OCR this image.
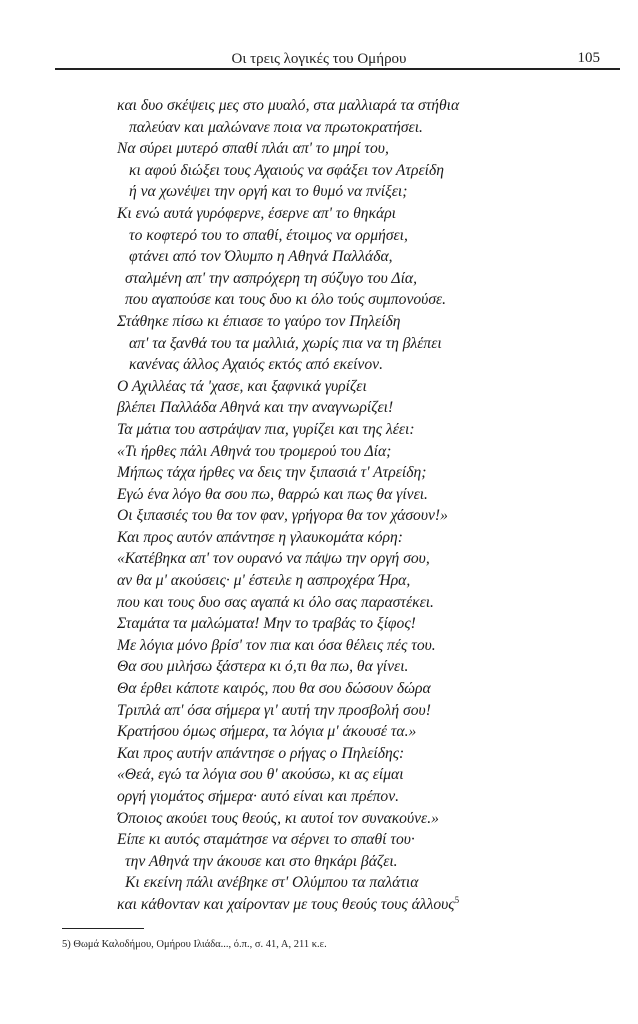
Οι τρεις λογικές του Ομήρου	105
και δυο σκέψεις μες στο μυαλό, στα μαλλιαρά τα στήθια
παλεύαν και μαλώνανε ποια να πρωτοκρατήσει.
Να σύρει μυτερό σπαθί πλάι απ' το μηρί του,
κι αφού διώξει τους Αχαιούς να σφάξει τον Ατρείδη
ή να χωνέψει την οργή και το θυμό να πνίξει;
Κι ενώ αυτά γυρόφερνε, έσερνε απ' το θηκάρι
το κοφτερό του το σπαθί, έτοιμος να ορμήσει,
φτάνει από τον Όλυμπο η Αθηνά Παλλάδα,
σταλμένη απ' την ασπρόχερη τη σύζυγο του Δία,
που αγαπούσε και τους δυο κι όλο τούς συμπονούσε.
Στάθηκε πίσω κι έπιασε το γαύρο τον Πηλείδη
απ' τα ξανθά του τα μαλλιά, χωρίς πια να τη βλέπει
κανένας άλλος Αχαιός εκτός από εκείνον.
Ο Αχιλλέας τά 'χασε, και ξαφνικά γυρίζει
βλέπει Παλλάδα Αθηνά και την αναγνωρίζει!
Τα μάτια του αστράψαν πια, γυρίζει και της λέει:
«Τι ήρθες πάλι Αθηνά του τρομερού του Δία;
Μήπως τάχα ήρθες να δεις την ξιπασιά τ' Ατρείδη;
Εγώ ένα λόγο θα σου πω, θαρρώ και πως θα γίνει.
Οι ξιπασιές του θα τον φαν, γρήγορα θα τον χάσουν!»
Και προς αυτόν απάντησε η γλαυκομάτα κόρη:
«Κατέβηκα απ' τον ουρανό να πάψω την οργή σου,
αν θα μ' ακούσεις· μ' έστειλε η ασπροχέρα Ήρα,
που και τους δυο σας αγαπά κι όλο σας παραστέκει.
Σταμάτα τα μαλώματα! Μην το τραβάς το ξίφος!
Με λόγια μόνο βρίσ' τον πια και όσα θέλεις πές του.
Θα σου μιλήσω ξάστερα κι ό,τι θα πω, θα γίνει.
Θα έρθει κάποτε καιρός, που θα σου δώσουν δώρα
Τριπλά απ' όσα σήμερα γι' αυτή την προσβολή σου!
Κρατήσου όμως σήμερα, τα λόγια μ' άκουσέ τα.»
Και προς αυτήν απάντησε ο ρήγας ο Πηλείδης:
«Θεά, εγώ τα λόγια σου θ' ακούσω, κι ας είμαι
οργή γιομάτος σήμερα· αυτό είναι και πρέπον.
Όποιος ακούει τους θεούς, κι αυτοί τον συνακούνε.»
Είπε κι αυτός σταμάτησε να σέρνει το σπαθί του·
την Αθηνά την άκουσε και στο θηκάρι βάζει.
Κι εκείνη πάλι ανέβηκε στ' Ολύμπου τα παλάτια
και κάθονταν και χαίρονταν με τους θεούς τους άλλους$^5$
5) Θωμά Καλοδήμου, Ομήρου Ιλιάδα..., ό.π., σ. 41, Α, 211 κ.ε.
